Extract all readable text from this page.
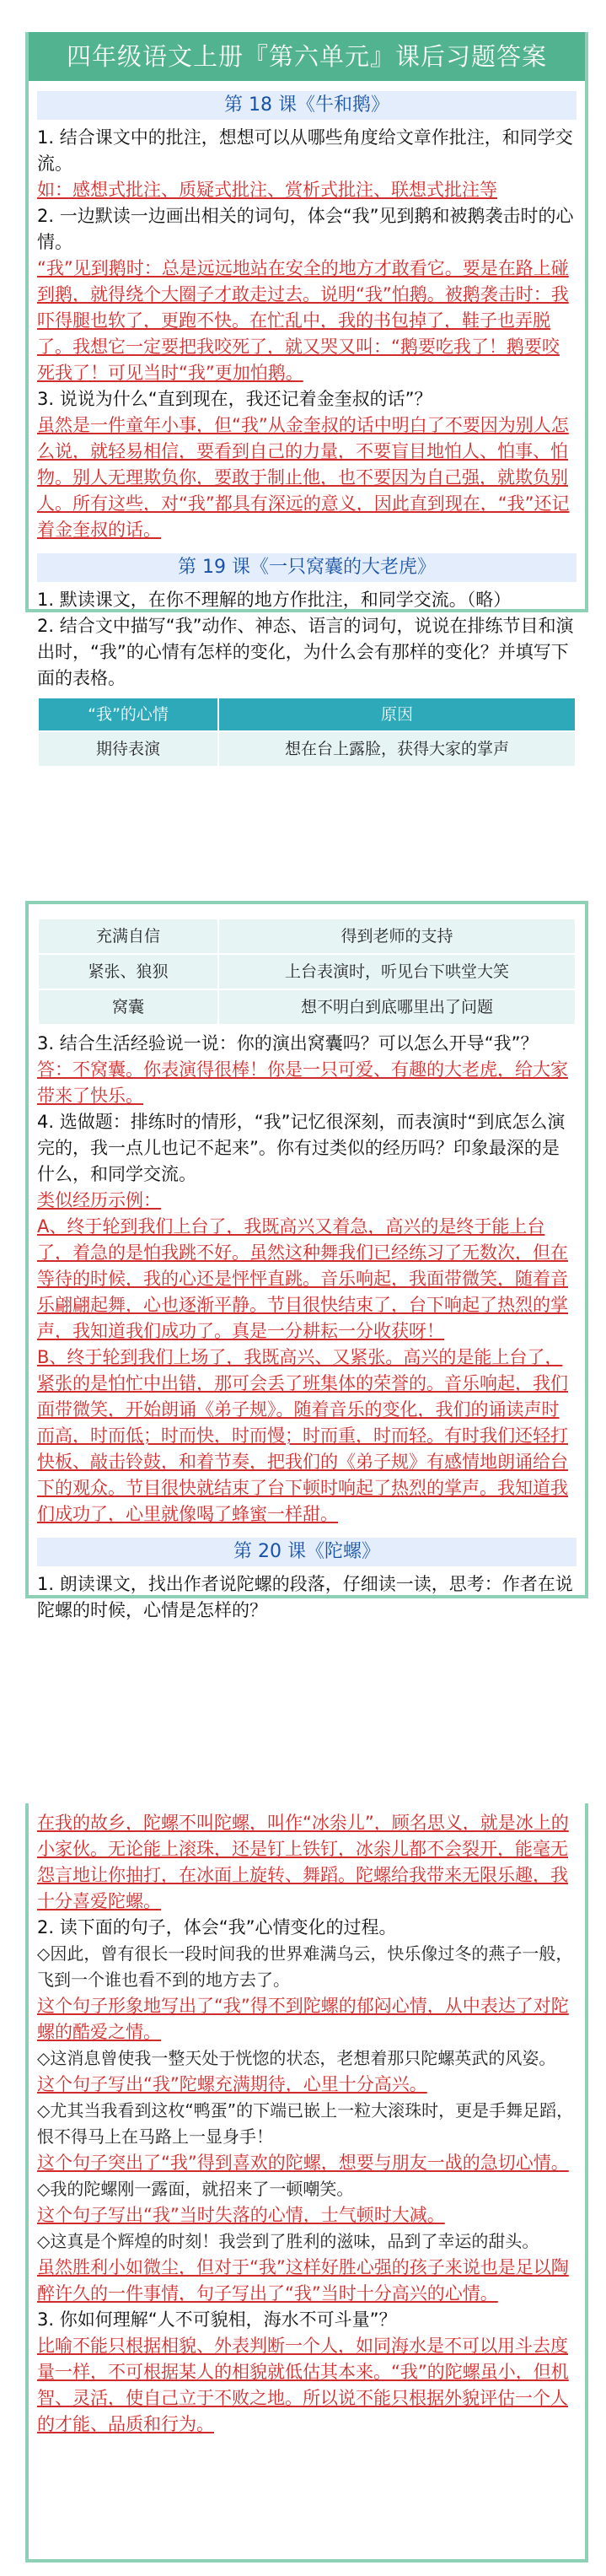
四年级语文上册『第六单元』课后习题答案
第 18 课《牛和鹅》
1. 结合课文中的批注，想想可以从哪些角度给文章作批注，和同学交流。
如：感想式批注、质疑式批注、赏析式批注、联想式批注等
2. 一边默读一边画出相关的词句，体会“我”见到鹅和被鹅袭击时的心情。
“我”见到鹅时：总是远远地站在安全的地方才敢看它。要是在路上碰到鹅，就得绕个大圈子才敢走过去。说明“我”怕鹅。被鹅袭击时：我吓得腿也软了，更跑不快。在忙乱中，我的书包掉了，鞋子也弄脱了。我想它一定要把我咬死了，就又哭又叫：“鹅要吃我了！鹅要咬死我了！可见当时“我”更加怕鹅。
3. 说说为什么“直到现在，我还记着金奎叔的话”？
虽然是一件童年小事，但“我”从金奎叔的话中明白了不要因为别人怎么说，就轻易相信，要看到自己的力量，不要盲目地怕人、怕事、怕物。别人无理欺负你，要敢于制止他，也不要因为自己强，就欺负别人。所有这些，对“我”都具有深远的意义，因此直到现在，“我”还记着金奎叔的话。
第 19 课《一只窝囊的大老虎》
1. 默读课文，在你不理解的地方作批注，和同学交流。（略）
2. 结合文中描写“我”动作、神态、语言的词句，说说在排练节目和演出时，“我”的心情有怎样的变化，为什么会有那样的变化？并填写下面的表格。
“我”的心情	原因
期待表演	想在台上露脸，获得大家的掌声
充满自信	得到老师的支持
紧张、狼狈	上台表演时，听见台下哄堂大笑
窝囊	想不明白到底哪里出了问题
3. 结合生活经验说一说：你的演出窝囊吗？可以怎么开导“我”？
答：不窝囊。你表演得很棒！你是一只可爱、有趣的大老虎，给大家带来了快乐。
4. 选做题：排练时的情形，“我”记忆很深刻，而表演时“到底怎么演完的，我一点儿也记不起来”。你有过类似的经历吗？印象最深的是什么，和同学交流。
类似经历示例：
A、终于轮到我们上台了，我既高兴又着急，高兴的是终于能上台了，着急的是怕我跳不好。虽然这种舞我们已经练习了无数次，但在等待的时候，我的心还是怦怦直跳。音乐响起，我面带微笑，随着音乐翩翩起舞，心也逐渐平静。节目很快结束了，台下响起了热烈的掌声，我知道我们成功了。真是一分耕耘一分收获呀！
B、终于轮到我们上场了，我既高兴、又紧张。高兴的是能上台了，紧张的是怕忙中出错，那可会丢了班集体的荣誉的。音乐响起，我们面带微笑，开始朗诵《弟子规》。随着音乐的变化，我们的诵读声时而高，时而低；时而快，时而慢；时而重，时而轻。有时我们还轻打快板、敲击铃鼓，和着节奏，把我们的《弟子规》有感情地朗诵给台下的观众。节目很快就结束了台下顿时响起了热烈的掌声。我知道我们成功了，心里就像喝了蜂蜜一样甜。
第 20 课《陀螺》
1. 朗读课文，找出作者说陀螺的段落，仔细读一读，思考：作者在说陀螺的时候，心情是怎样的？
在我的故乡，陀螺不叫陀螺，叫作“冰尜儿”，顾名思义，就是冰上的小家伙。无论能上滚珠，还是钉上铁钉，冰尜儿都不会裂开，能毫无怨言地让你抽打，在冰面上旋转、舞蹈。陀螺给我带来无限乐趣，我十分喜爱陀螺。
2. 读下面的句子，体会“我”心情变化的过程。
◇因此，曾有很长一段时间我的世界难满乌云，快乐像过冬的燕子一般，飞到一个谁也看不到的地方去了。
这个句子形象地写出了“我”得不到陀螺的郁闷心情，从中表达了对陀螺的酷爱之情。
◇这消息曾使我一整天处于恍惚的状态，老想着那只陀螺英武的风姿。
这个句子写出“我”陀螺充满期待，心里十分高兴。
◇尤其当我看到这枚“鸭蛋”的下端已嵌上一粒大滚珠时，更是手舞足蹈，恨不得马上在马路上一显身手！
这个句子突出了“我”得到喜欢的陀螺，想要与朋友一战的急切心情。
◇我的陀螺刚一露面，就招来了一顿嘲笑。
这个句子写出“我”当时失落的心情，士气顿时大减。
◇这真是个辉煌的时刻！我尝到了胜利的滋味，品到了幸运的甜头。
虽然胜利小如微尘，但对于“我”这样好胜心强的孩子来说也是足以陶醉许久的一件事情，句子写出了“我”当时十分高兴的心情。
3. 你如何理解“人不可貌相，海水不可斗量”？
比喻不能只根据相貌、外表判断一个人，如同海水是不可以用斗去度量一样，不可根据某人的相貌就低估其本来。“我”的陀螺虽小，但机智、灵活，使自己立于不败之地。所以说不能只根据外貌评估一个人的才能、品质和行为。
